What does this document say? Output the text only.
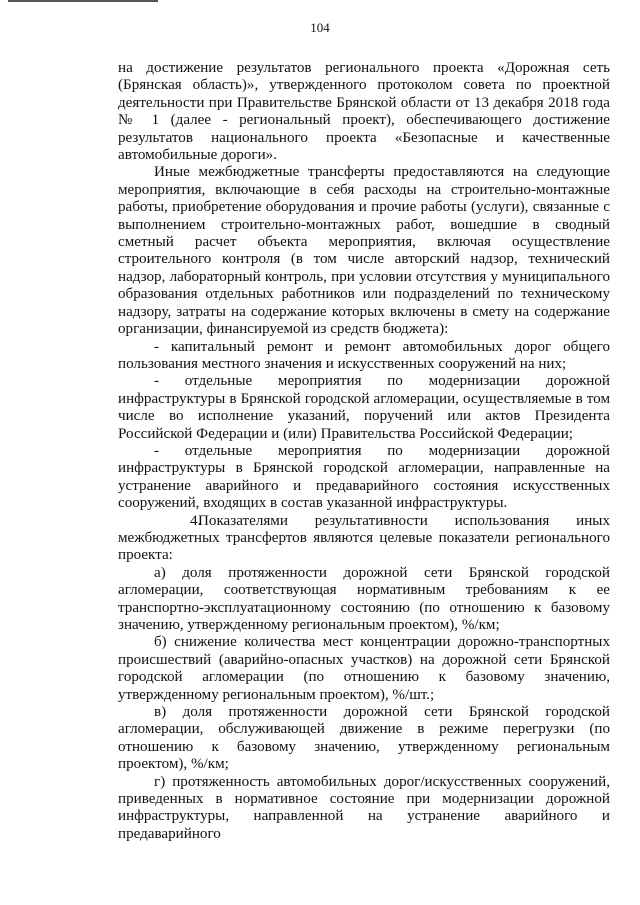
104

на достижение результатов регионального проекта «Дорожная сеть (Брянская область)», утвержденного протоколом совета по проектной деятельности при Правительстве Брянской области от 13 декабря 2018 года № 1 (далее - региональный проект), обеспечивающего достижение результатов национального проекта «Безопасные и качественные автомобильные дороги».

Иные межбюджетные трансферты предоставляются на следующие мероприятия, включающие в себя расходы на строительно-монтажные работы, приобретение оборудования и прочие работы (услуги), связанные с выполнением строительно-монтажных работ, вошедшие в сводный сметный расчет объекта мероприятия, включая осуществление строительного контроля (в том числе авторский надзор, технический надзор, лабораторный контроль, при условии отсутствия у муниципального образования отдельных работников или подразделений по техническому надзору, затраты на содержание которых включены в смету на содержание организации, финансируемой из средств бюджета):

- капитальный ремонт и ремонт автомобильных дорог общего пользования местного значения и искусственных сооружений на них;

- отдельные мероприятия по модернизации дорожной инфраструктуры в Брянской городской агломерации, осуществляемые в том числе во исполнение указаний, поручений или актов Президента Российской Федерации и (или) Правительства Российской Федерации;

- отдельные мероприятия по модернизации дорожной инфраструктуры в Брянской городской агломерации, направленные на устранение аварийного и предаварийного состояния искусственных сооружений, входящих в состав указанной инфраструктуры.

4.Показателями результативности использования иных межбюджетных трансфертов являются целевые показатели регионального проекта:

а) доля протяженности дорожной сети Брянской городской агломерации, соответствующая нормативным требованиям к ее транспортно-эксплуатационному состоянию (по отношению к базовому значению, утвержденному региональным проектом), %/км;

б) снижение количества мест концентрации дорожно-транспортных происшествий (аварийно-опасных участков) на дорожной сети Брянской городской агломерации (по отношению к базовому значению, утвержденному региональным проектом), %/шт.;

в) доля протяженности дорожной сети Брянской городской агломерации, обслуживающей движение в режиме перегрузки (по отношению к базовому значению, утвержденному региональным проектом), %/км;

г) протяженность автомобильных дорог/искусственных сооружений, приведенных в нормативное состояние при модернизации дорожной инфраструктуры, направленной на устранение аварийного и предаварийного
